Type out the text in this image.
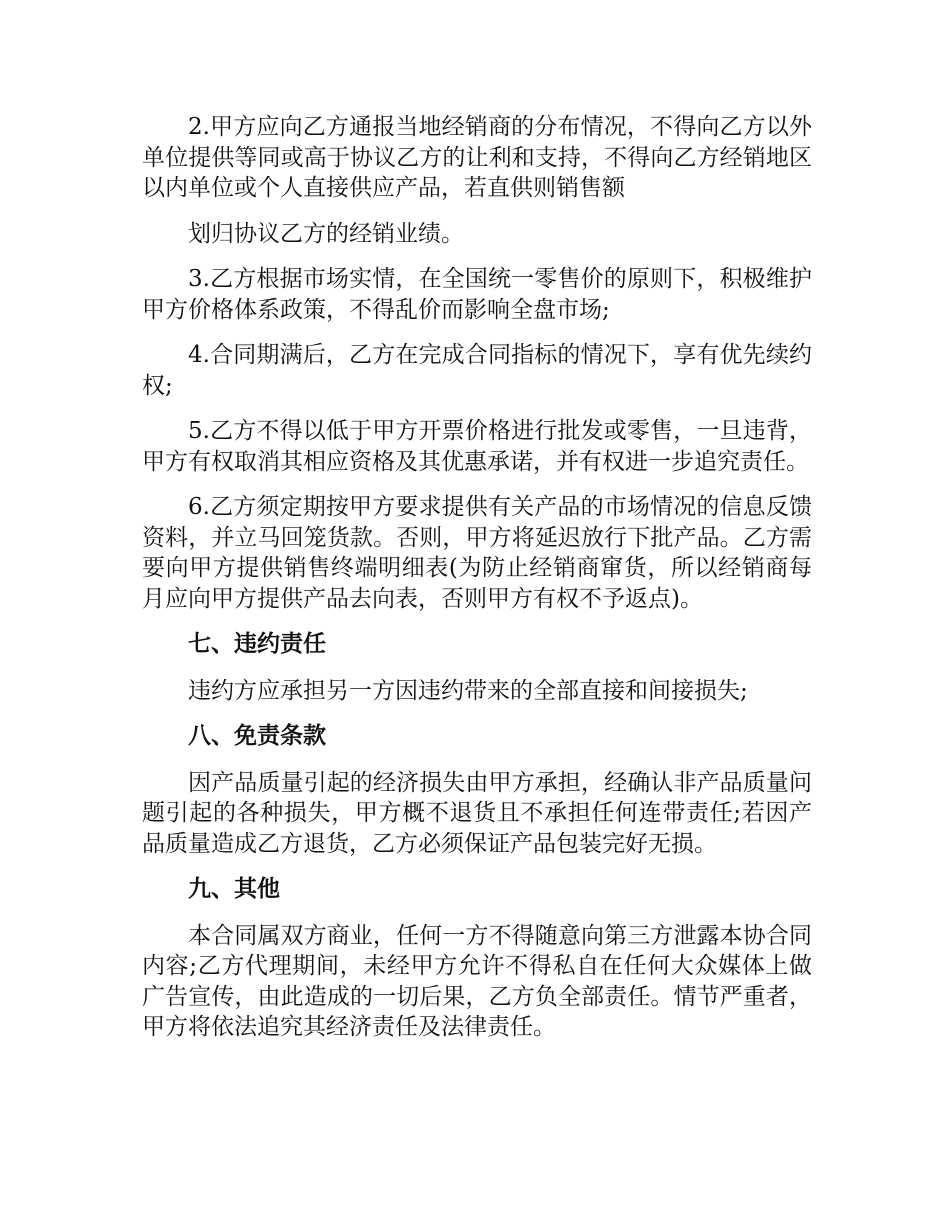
2.甲方应向乙方通报当地经销商的分布情况，不得向乙方以外单位提供等同或高于协议乙方的让利和支持，不得向乙方经销地区以内单位或个人直接供应产品，若直供则销售额

划归协议乙方的经销业绩。

3.乙方根据市场实情，在全国统一零售价的原则下，积极维护甲方价格体系政策，不得乱价而影响全盘市场;

4.合同期满后，乙方在完成合同指标的情况下，享有优先续约权;

5.乙方不得以低于甲方开票价格进行批发或零售，一旦违背，甲方有权取消其相应资格及其优惠承诺，并有权进一步追究责任。

6.乙方须定期按甲方要求提供有关产品的市场情况的信息反馈资料，并立马回笼货款。否则，甲方将延迟放行下批产品。乙方需要向甲方提供销售终端明细表(为防止经销商窜货，所以经销商每月应向甲方提供产品去向表，否则甲方有权不予返点)。

七、违约责任

违约方应承担另一方因违约带来的全部直接和间接损失;

八、免责条款

因产品质量引起的经济损失由甲方承担，经确认非产品质量问题引起的各种损失，甲方概不退货且不承担任何连带责任;若因产品质量造成乙方退货，乙方必须保证产品包装完好无损。

九、其他

本合同属双方商业，任何一方不得随意向第三方泄露本协合同内容;乙方代理期间，未经甲方允许不得私自在任何大众媒体上做广告宣传，由此造成的一切后果，乙方负全部责任。情节严重者，甲方将依法追究其经济责任及法律责任。
